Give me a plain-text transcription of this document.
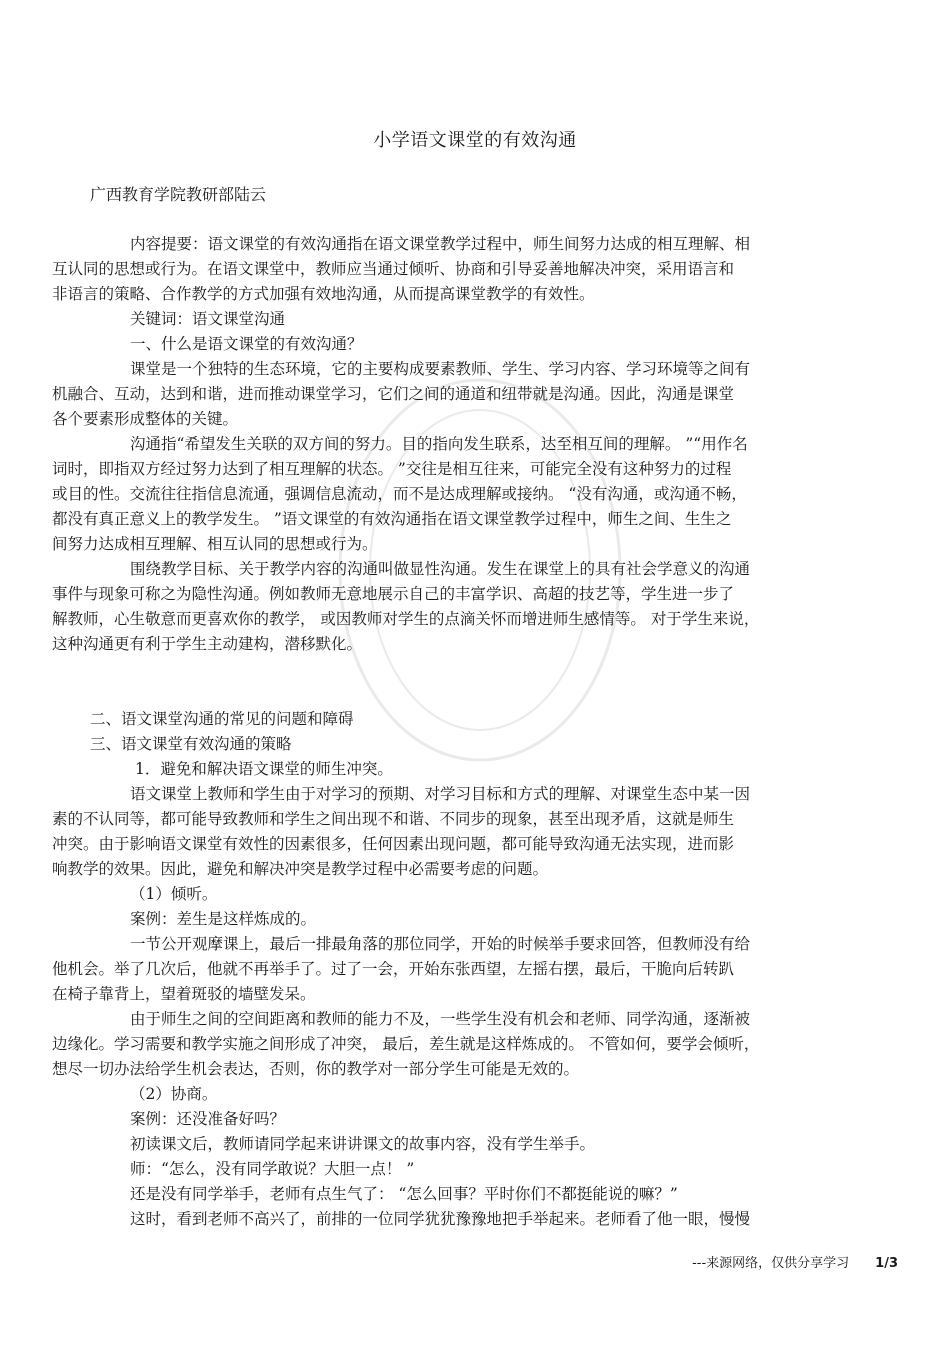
小学语文课堂的有效沟通
广西教育学院教研部陆云
内容提要：语文课堂的有效沟通指在语文课堂教学过程中，师生间努力达成的相互理解、相
互认同的思想或行为。在语文课堂中，教师应当通过倾听、协商和引导妥善地解决冲突，采用语言和
非语言的策略、合作教学的方式加强有效地沟通，从而提高课堂教学的有效性。
关键词：语文课堂沟通
一、什么是语文课堂的有效沟通？
课堂是一个独特的生态环境，它的主要构成要素教师、学生、学习内容、学习环境等之间有
机融合、互动，达到和谐，进而推动课堂学习，它们之间的通道和纽带就是沟通。因此，沟通是课堂
各个要素形成整体的关键。
沟通指“希望发生关联的双方间的努力。目的指向发生联系，达至相互间的理解。 ”“用作名
词时，即指双方经过努力达到了相互理解的状态。 ”交往是相互往来，可能完全没有这种努力的过程
或目的性。交流往往指信息流通，强调信息流动，而不是达成理解或接纳。 “没有沟通，或沟通不畅，
都没有真正意义上的教学发生。 ”语文课堂的有效沟通指在语文课堂教学过程中，师生之间、生生之
间努力达成相互理解、相互认同的思想或行为。
围绕教学目标、关于教学内容的沟通叫做显性沟通。发生在课堂上的具有社会学意义的沟通
事件与现象可称之为隐性沟通。例如教师无意地展示自己的丰富学识、高超的技艺等，学生进一步了
解教师，心生敬意而更喜欢你的教学， 或因教师对学生的点滴关怀而增进师生感情等。 对于学生来说，
这种沟通更有利于学生主动建构，潜移默化。
二、语文课堂沟通的常见的问题和障碍
三、语文课堂有效沟通的策略
1．避免和解决语文课堂的师生冲突。
语文课堂上教师和学生由于对学习的预期、对学习目标和方式的理解、对课堂生态中某一因
素的不认同等，都可能导致教师和学生之间出现不和谐、不同步的现象，甚至出现矛盾，这就是师生
冲突。由于影响语文课堂有效性的因素很多，任何因素出现问题，都可能导致沟通无法实现，进而影
响教学的效果。因此，避免和解决冲突是教学过程中必需要考虑的问题。
（1）倾听。
案例：差生是这样炼成的。
一节公开观摩课上，最后一排最角落的那位同学，开始的时候举手要求回答，但教师没有给
他机会。举了几次后，他就不再举手了。过了一会，开始东张西望，左摇右摆，最后，干脆向后转趴
在椅子靠背上，望着斑驳的墙壁发呆。
由于师生之间的空间距离和教师的能力不及，一些学生没有机会和老师、同学沟通，逐渐被
边缘化。学习需要和教学实施之间形成了冲突， 最后，差生就是这样炼成的。 不管如何，要学会倾听，
想尽一切办法给学生机会表达，否则，你的教学对一部分学生可能是无效的。
（2）协商。
案例：还没准备好吗？
初读课文后，教师请同学起来讲讲课文的故事内容，没有学生举手。
师：“怎么，没有同学敢说？大胆一点！ ”
还是没有同学举手，老师有点生气了： “怎么回事？平时你们不都挺能说的嘛？”
这时，看到老师不高兴了，前排的一位同学犹犹豫豫地把手举起来。老师看了他一眼，慢慢
---来源网络，仅供分享学习 1/3
